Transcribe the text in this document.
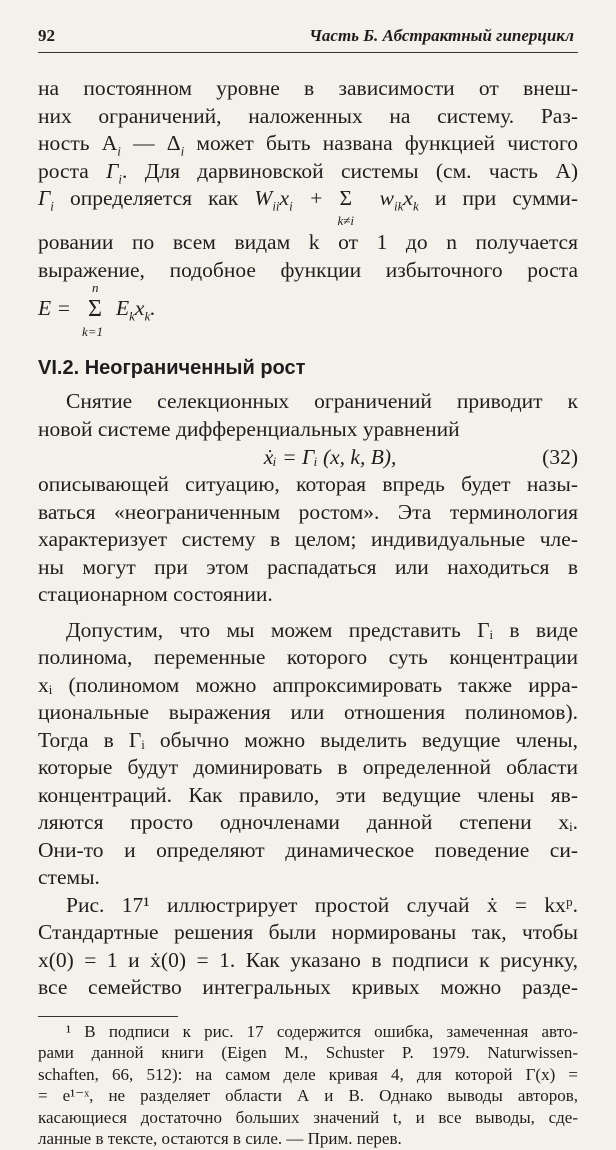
92	Часть Б. Абстрактный гиперцикл
на постоянном уровне в зависимости от внеш-
них ограничений, наложенных на систему. Раз-
ность $A_i$ — $\Delta_i$ может быть названа функцией чистого
роста $\Gamma_i$. Для дарвиновской системы (см. часть А)
$\Gamma_i$ определяется как $W_{ii}x_i + \Sigma$
k≠i
$w_{ik}x_k$ и при сумми-
ровании по всем видам k от 1 до n получается
выражение, подобное функции избыточного роста
E = Σ
n
k=1
$E_kx_k$.
VI.2. Неограниченный рост
Снятие селекционных ограничений приводит к
новой системе дифференциальных уравнений
ẋᵢ = Γᵢ (x, k, B),	(32)
описывающей ситуацию, которая впредь будет назы-
ваться «неограниченным ростом». Эта терминология
характеризует систему в целом; индивидуальные чле-
ны могут при этом распадаться или находиться в
стационарном состоянии.
Допустим, что мы можем представить Γᵢ в виде
полинома, переменные которого суть концентрации
xᵢ (полиномом можно аппроксимировать также ирра-
циональные выражения или отношения полиномов).
Тогда в Γᵢ обычно можно выделить ведущие члены,
которые будут доминировать в определенной области
концентраций. Как правило, эти ведущие члены яв-
ляются просто одночленами данной степени xᵢ.
Они-то и определяют динамическое поведение си-
стемы.
Рис. 17¹ иллюстрирует простой случай ẋ = kxᵖ.
Стандартные решения были нормированы так, чтобы
x(0) = 1 и ẋ(0) = 1. Как указано в подписи к рисунку,
все семейство интегральных кривых можно разде-
¹ В подписи к рис. 17 содержится ошибка, замеченная авто-
рами данной книги (Eigen M., Schuster P. 1979. Naturwissen-
schaften, 66, 512): на самом деле кривая 4, для которой Γ(x) =
= e¹⁻ˣ, не разделяет области А и В. Однако выводы авторов,
касающиеся достаточно больших значений t, и все выводы, сде-
ланные в тексте, остаются в силе. — Прим. перев.
